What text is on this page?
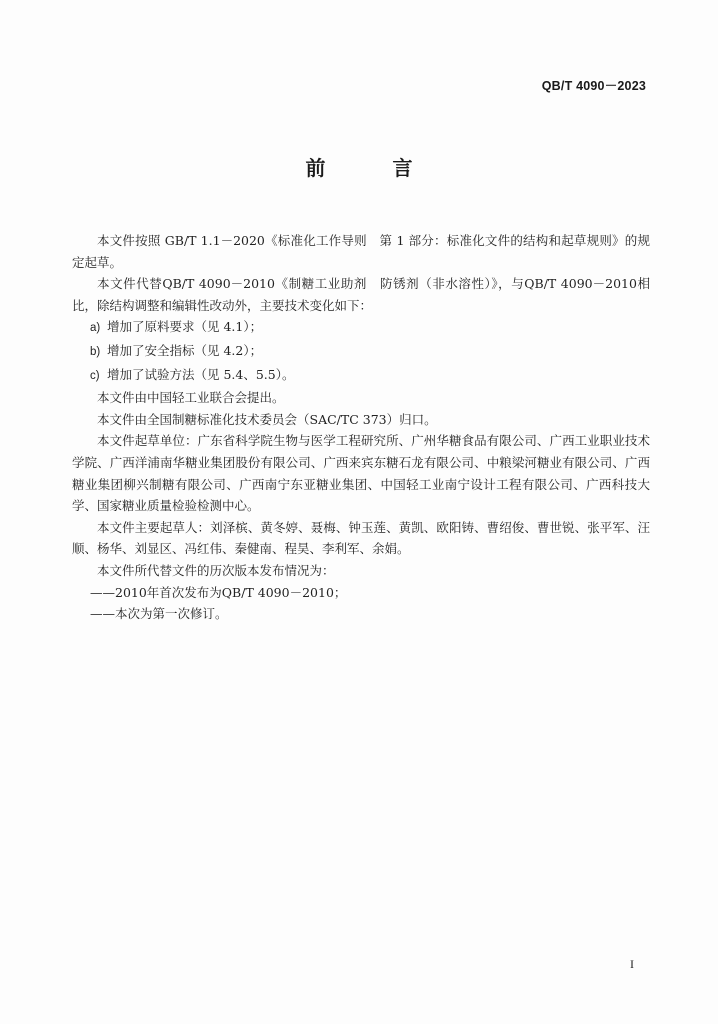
QB/T 4090－2023
前 言

本文件按照 GB/T 1.1－2020《标准化工作导则　第 1 部分：标准化文件的结构和起草规则》的规定起草。

本文件代替QB/T 4090－2010《制糖工业助剂　防锈剂（非水溶性）》，与QB/T 4090－2010相比，除结构调整和编辑性改动外，主要技术变化如下：

a) 增加了原料要求（见 4.1）；

b) 增加了安全指标（见 4.2）；

c) 增加了试验方法（见 5.4、5.5）。

本文件由中国轻工业联合会提出。

本文件由全国制糖标准化技术委员会（SAC/TC 373）归口。

本文件起草单位：广东省科学院生物与医学工程研究所、广州华糖食品有限公司、广西工业职业技术学院、广西洋浦南华糖业集团股份有限公司、广西来宾东糖石龙有限公司、中粮梁河糖业有限公司、广西糖业集团柳兴制糖有限公司、广西南宁东亚糖业集团、中国轻工业南宁设计工程有限公司、广西科技大学、国家糖业质量检验检测中心。

本文件主要起草人：刘泽槟、黄冬婷、聂梅、钟玉莲、黄凯、欧阳铸、曹绍俊、曹世锐、张平军、汪顺、杨华、刘显区、冯红伟、秦健南、程昊、李利军、余娟。

本文件所代替文件的历次版本发布情况为：

——2010年首次发布为QB/T 4090－2010；

——本次为第一次修订。

I
